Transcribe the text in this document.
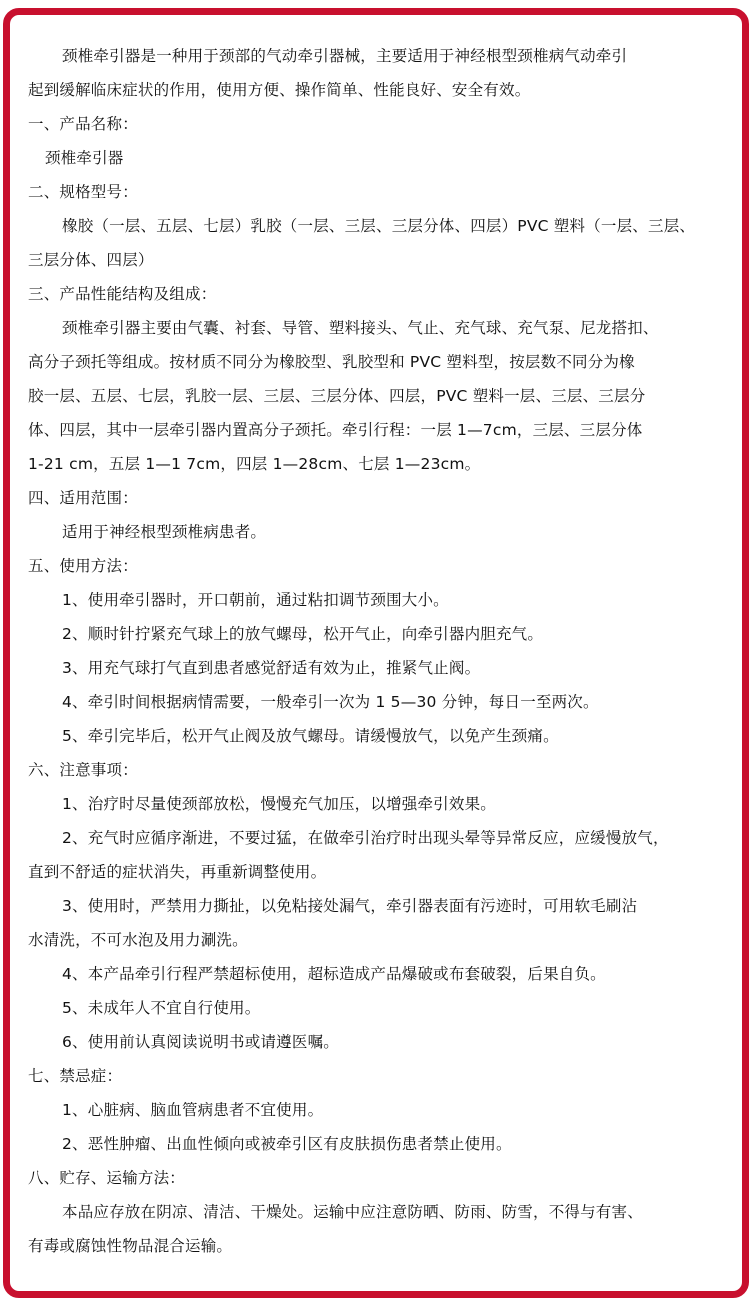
颈椎牵引器是一种用于颈部的气动牵引器械，主要适用于神经根型颈椎病气动牵引
起到缓解临床症状的作用，使用方便、操作简单、性能良好、安全有效。
一、产品名称：
颈椎牵引器
二、规格型号：
橡胶（一层、五层、七层）乳胶（一层、三层、三层分体、四层）PVC 塑料（一层、三层、
三层分体、四层）
三、产品性能结构及组成：
颈椎牵引器主要由气囊、衬套、导管、塑料接头、气止、充气球、充气泵、尼龙搭扣、
高分子颈托等组成。按材质不同分为橡胶型、乳胶型和 PVC 塑料型，按层数不同分为橡
胶一层、五层、七层，乳胶一层、三层、三层分体、四层，PVC 塑料一层、三层、三层分
体、四层，其中一层牵引器内置高分子颈托。牵引行程：一层 1—7cm，三层、三层分体
1-21 cm，五层 1—1 7cm，四层 1—28cm、七层 1—23cm。
四、适用范围：
适用于神经根型颈椎病患者。
五、使用方法：
1、使用牵引器时，开口朝前，通过粘扣调节颈围大小。
2、顺时针拧紧充气球上的放气螺母，松开气止，向牵引器内胆充气。
3、用充气球打气直到患者感觉舒适有效为止，推紧气止阀。
4、牵引时间根据病情需要，一般牵引一次为 1 5—30 分钟，每日一至两次。
5、牵引完毕后，松开气止阀及放气螺母。请缓慢放气，以免产生颈痛。
六、注意事项：
1、治疗时尽量使颈部放松，慢慢充气加压，以增强牵引效果。
2、充气时应循序渐进，不要过猛，在做牵引治疗时出现头晕等异常反应，应缓慢放气，
直到不舒适的症状消失，再重新调整使用。
3、使用时，严禁用力撕扯，以免粘接处漏气，牵引器表面有污迹时，可用软毛刷沾
水清洗，不可水泡及用力涮洗。
4、本产品牵引行程严禁超标使用，超标造成产品爆破或布套破裂，后果自负。
5、未成年人不宜自行使用。
6、使用前认真阅读说明书或请遵医嘱。
七、禁忌症：
1、心脏病、脑血管病患者不宜使用。
2、恶性肿瘤、出血性倾向或被牵引区有皮肤损伤患者禁止使用。
八、贮存、运输方法：
本品应存放在阴凉、清洁、干燥处。运输中应注意防晒、防雨、防雪，不得与有害、
有毒或腐蚀性物品混合运输。
